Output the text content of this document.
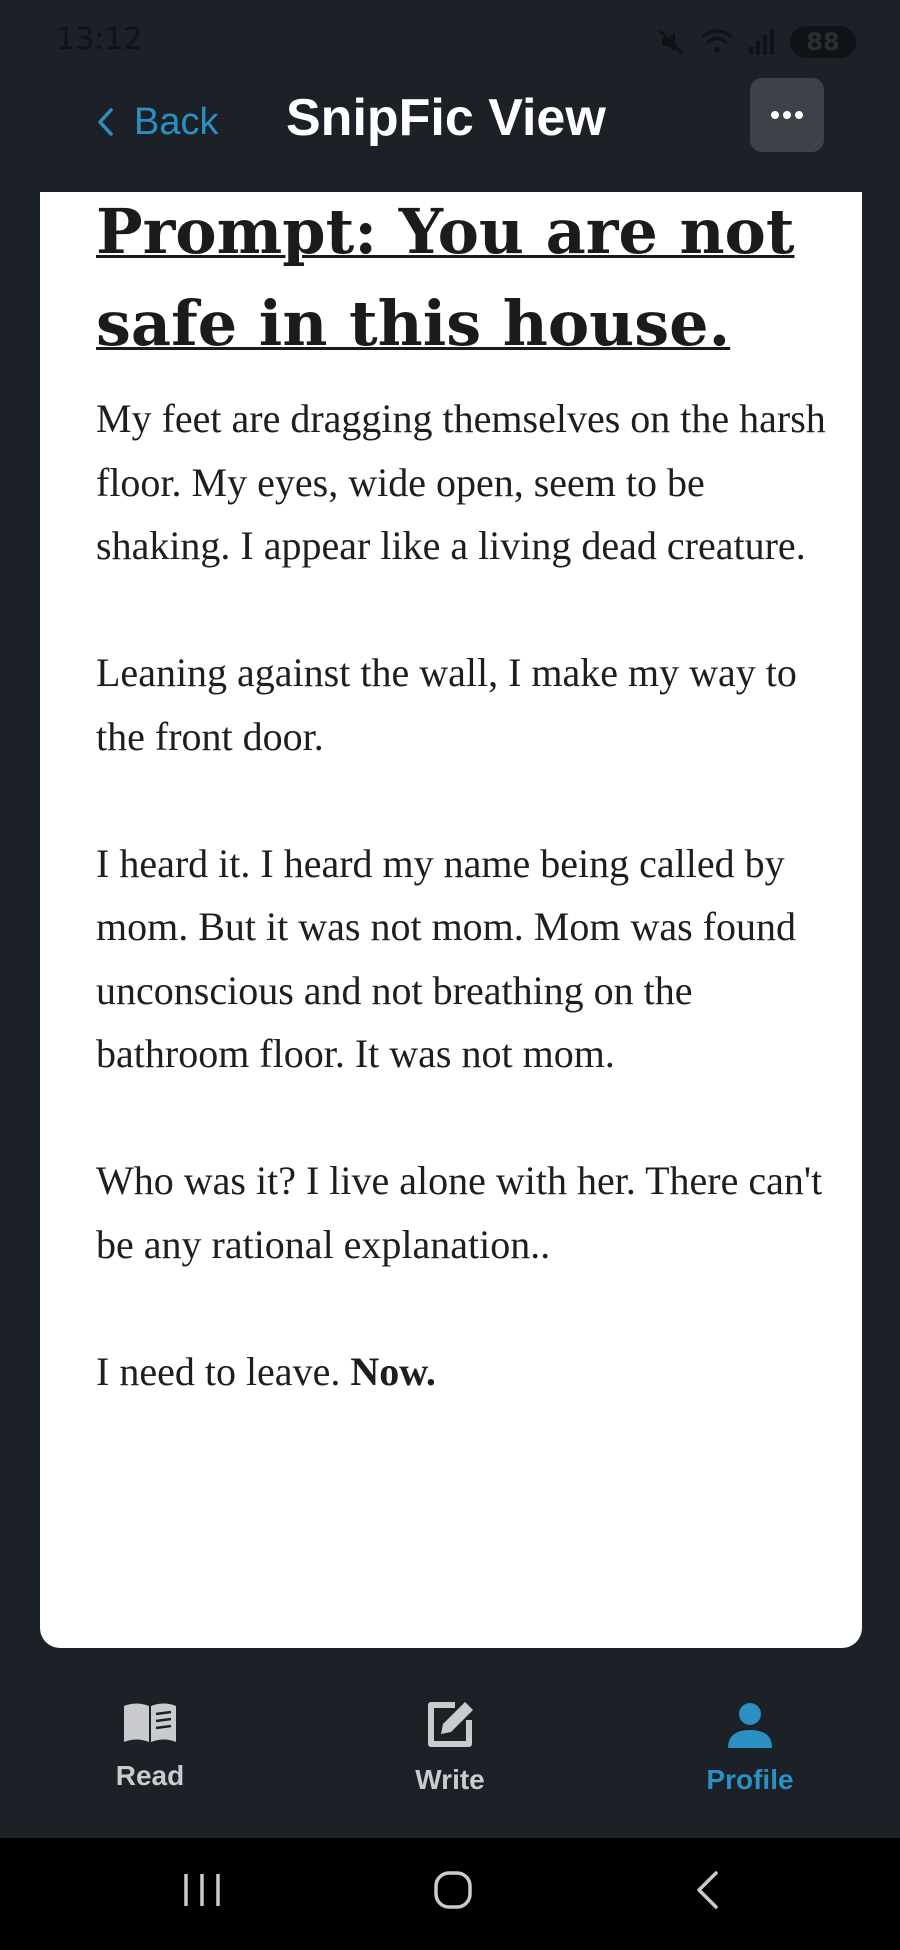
13:12	88
Back SnipFic View
Prompt: You are not safe in this house.

My feet are dragging themselves on the harsh floor. My eyes, wide open, seem to be shaking. I appear like a living dead creature.

Leaning against the wall, I make my way to the front door.

I heard it. I heard my name being called by mom. But it was not mom. Mom was found unconscious and not breathing on the bathroom floor. It was not mom.

Who was it? I live alone with her. There can't be any rational explanation..

I need to leave. Now.

Read	Write	Profile
